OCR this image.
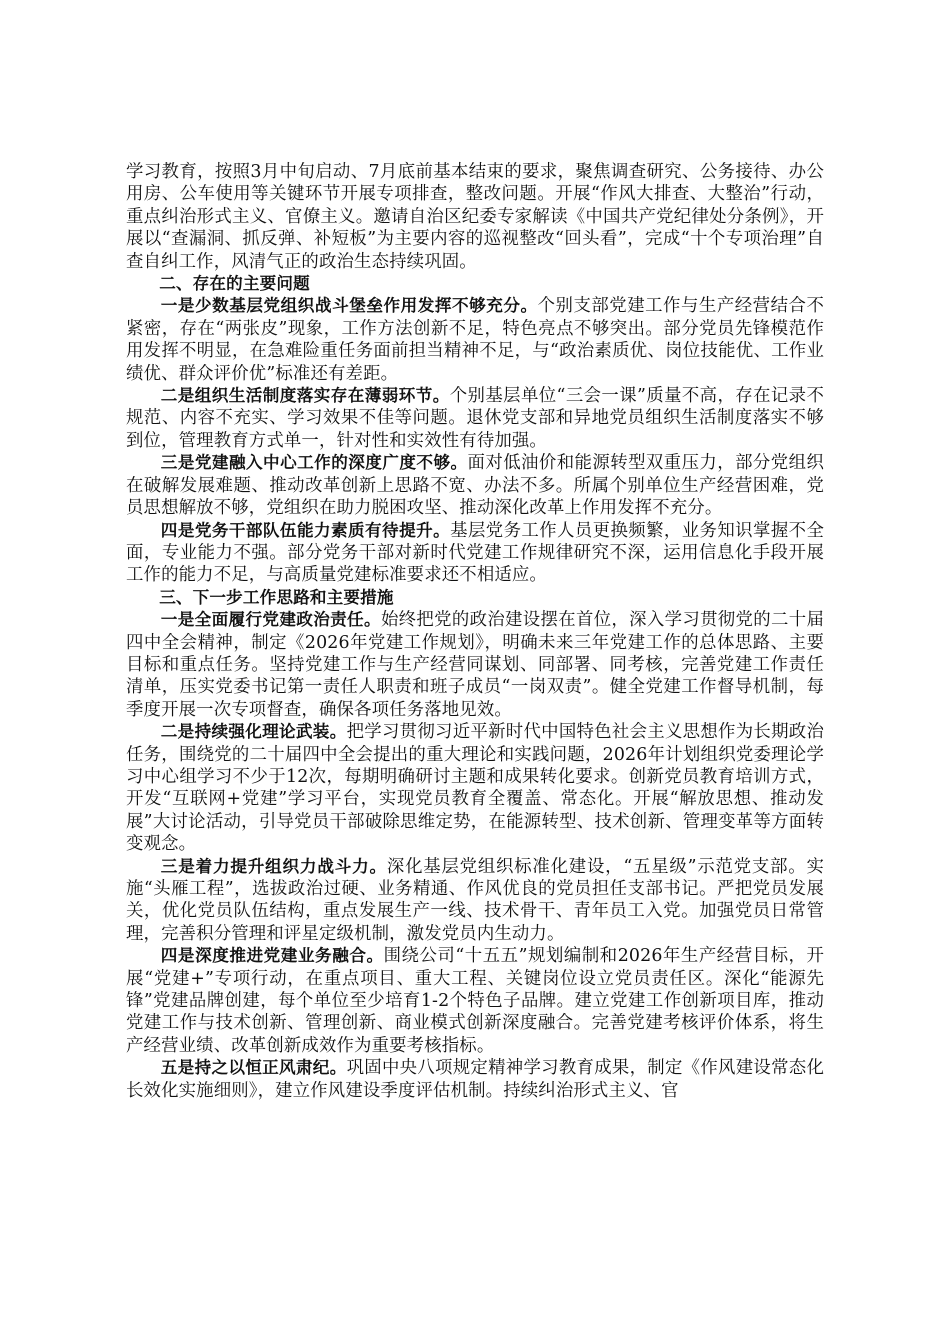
学习教育，按照3月中旬启动、7月底前基本结束的要求，聚焦调查研究、公务接待、办公用房、公车使用等关键环节开展专项排查，整改问题。开展“作风大排查、大整治”行动，重点纠治形式主义、官僚主义。邀请自治区纪委专家解读《中国共产党纪律处分条例》，开展以“查漏洞、抓反弹、补短板”为主要内容的巡视整改“回头看”，完成“十个专项治理”自查自纠工作，风清气正的政治生态持续巩固。

二、存在的主要问题

一是少数基层党组织战斗堡垒作用发挥不够充分。个别支部党建工作与生产经营结合不紧密，存在“两张皮”现象，工作方法创新不足，特色亮点不够突出。部分党员先锋模范作用发挥不明显，在急难险重任务面前担当精神不足，与“政治素质优、岗位技能优、工作业绩优、群众评价优”标准还有差距。

二是组织生活制度落实存在薄弱环节。个别基层单位“三会一课”质量不高，存在记录不规范、内容不充实、学习效果不佳等问题。退休党支部和异地党员组织生活制度落实不够到位，管理教育方式单一，针对性和实效性有待加强。

三是党建融入中心工作的深度广度不够。面对低油价和能源转型双重压力，部分党组织在破解发展难题、推动改革创新上思路不宽、办法不多。所属个别单位生产经营困难，党员思想解放不够，党组织在助力脱困攻坚、推动深化改革上作用发挥不充分。

四是党务干部队伍能力素质有待提升。基层党务工作人员更换频繁，业务知识掌握不全面，专业能力不强。部分党务干部对新时代党建工作规律研究不深，运用信息化手段开展工作的能力不足，与高质量党建标准要求还不相适应。

三、下一步工作思路和主要措施

一是全面履行党建政治责任。始终把党的政治建设摆在首位，深入学习贯彻党的二十届四中全会精神，制定《2026年党建工作规划》，明确未来三年党建工作的总体思路、主要目标和重点任务。坚持党建工作与生产经营同谋划、同部署、同考核，完善党建工作责任清单，压实党委书记第一责任人职责和班子成员“一岗双责”。健全党建工作督导机制，每季度开展一次专项督查，确保各项任务落地见效。

二是持续强化理论武装。把学习贯彻习近平新时代中国特色社会主义思想作为长期政治任务，围绕党的二十届四中全会提出的重大理论和实践问题，2026年计划组织党委理论学习中心组学习不少于12次，每期明确研讨主题和成果转化要求。创新党员教育培训方式，开发“互联网+党建”学习平台，实现党员教育全覆盖、常态化。开展“解放思想、推动发展”大讨论活动，引导党员干部破除思维定势，在能源转型、技术创新、管理变革等方面转变观念。

三是着力提升组织力战斗力。深化基层党组织标准化建设，“五星级”示范党支部。实施“头雁工程”，选拔政治过硬、业务精通、作风优良的党员担任支部书记。严把党员发展关，优化党员队伍结构，重点发展生产一线、技术骨干、青年员工入党。加强党员日常管理，完善积分管理和评星定级机制，激发党员内生动力。

四是深度推进党建业务融合。围绕公司“十五五”规划编制和2026年生产经营目标，开展“党建+”专项行动，在重点项目、重大工程、关键岗位设立党员责任区。深化“能源先锋”党建品牌创建，每个单位至少培育1-2个特色子品牌。建立党建工作创新项目库，推动党建工作与技术创新、管理创新、商业模式创新深度融合。完善党建考核评价体系，将生产经营业绩、改革创新成效作为重要考核指标。

五是持之以恒正风肃纪。巩固中央八项规定精神学习教育成果，制定《作风建设常态化长效化实施细则》，建立作风建设季度评估机制。持续纠治形式主义、官
